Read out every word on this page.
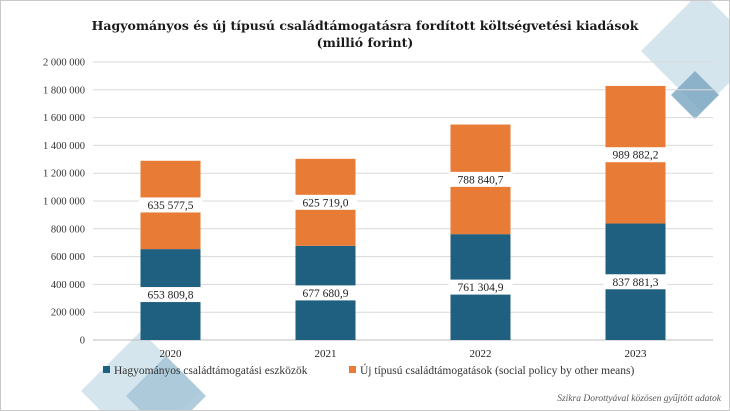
Hagyományos és új típusú családtámogatásra fordított költségvetési kiadások
(millió forint)
0
200 000
400 000
600 000
800 000
1 000 000
1 200 000
1 400 000
1 600 000
1 800 000
2 000 000
653 809,8
635 577,5
2020
677 680,9
625 719,0
2021
761 304,9
788 840,7
2022
837 881,3
989 882,2
2023
Hagyományos családtámogatási eszközök	Új típusú családtámogatások (social policy by other means)
Szikra Dorottyával közösen gyűjtött adatok
